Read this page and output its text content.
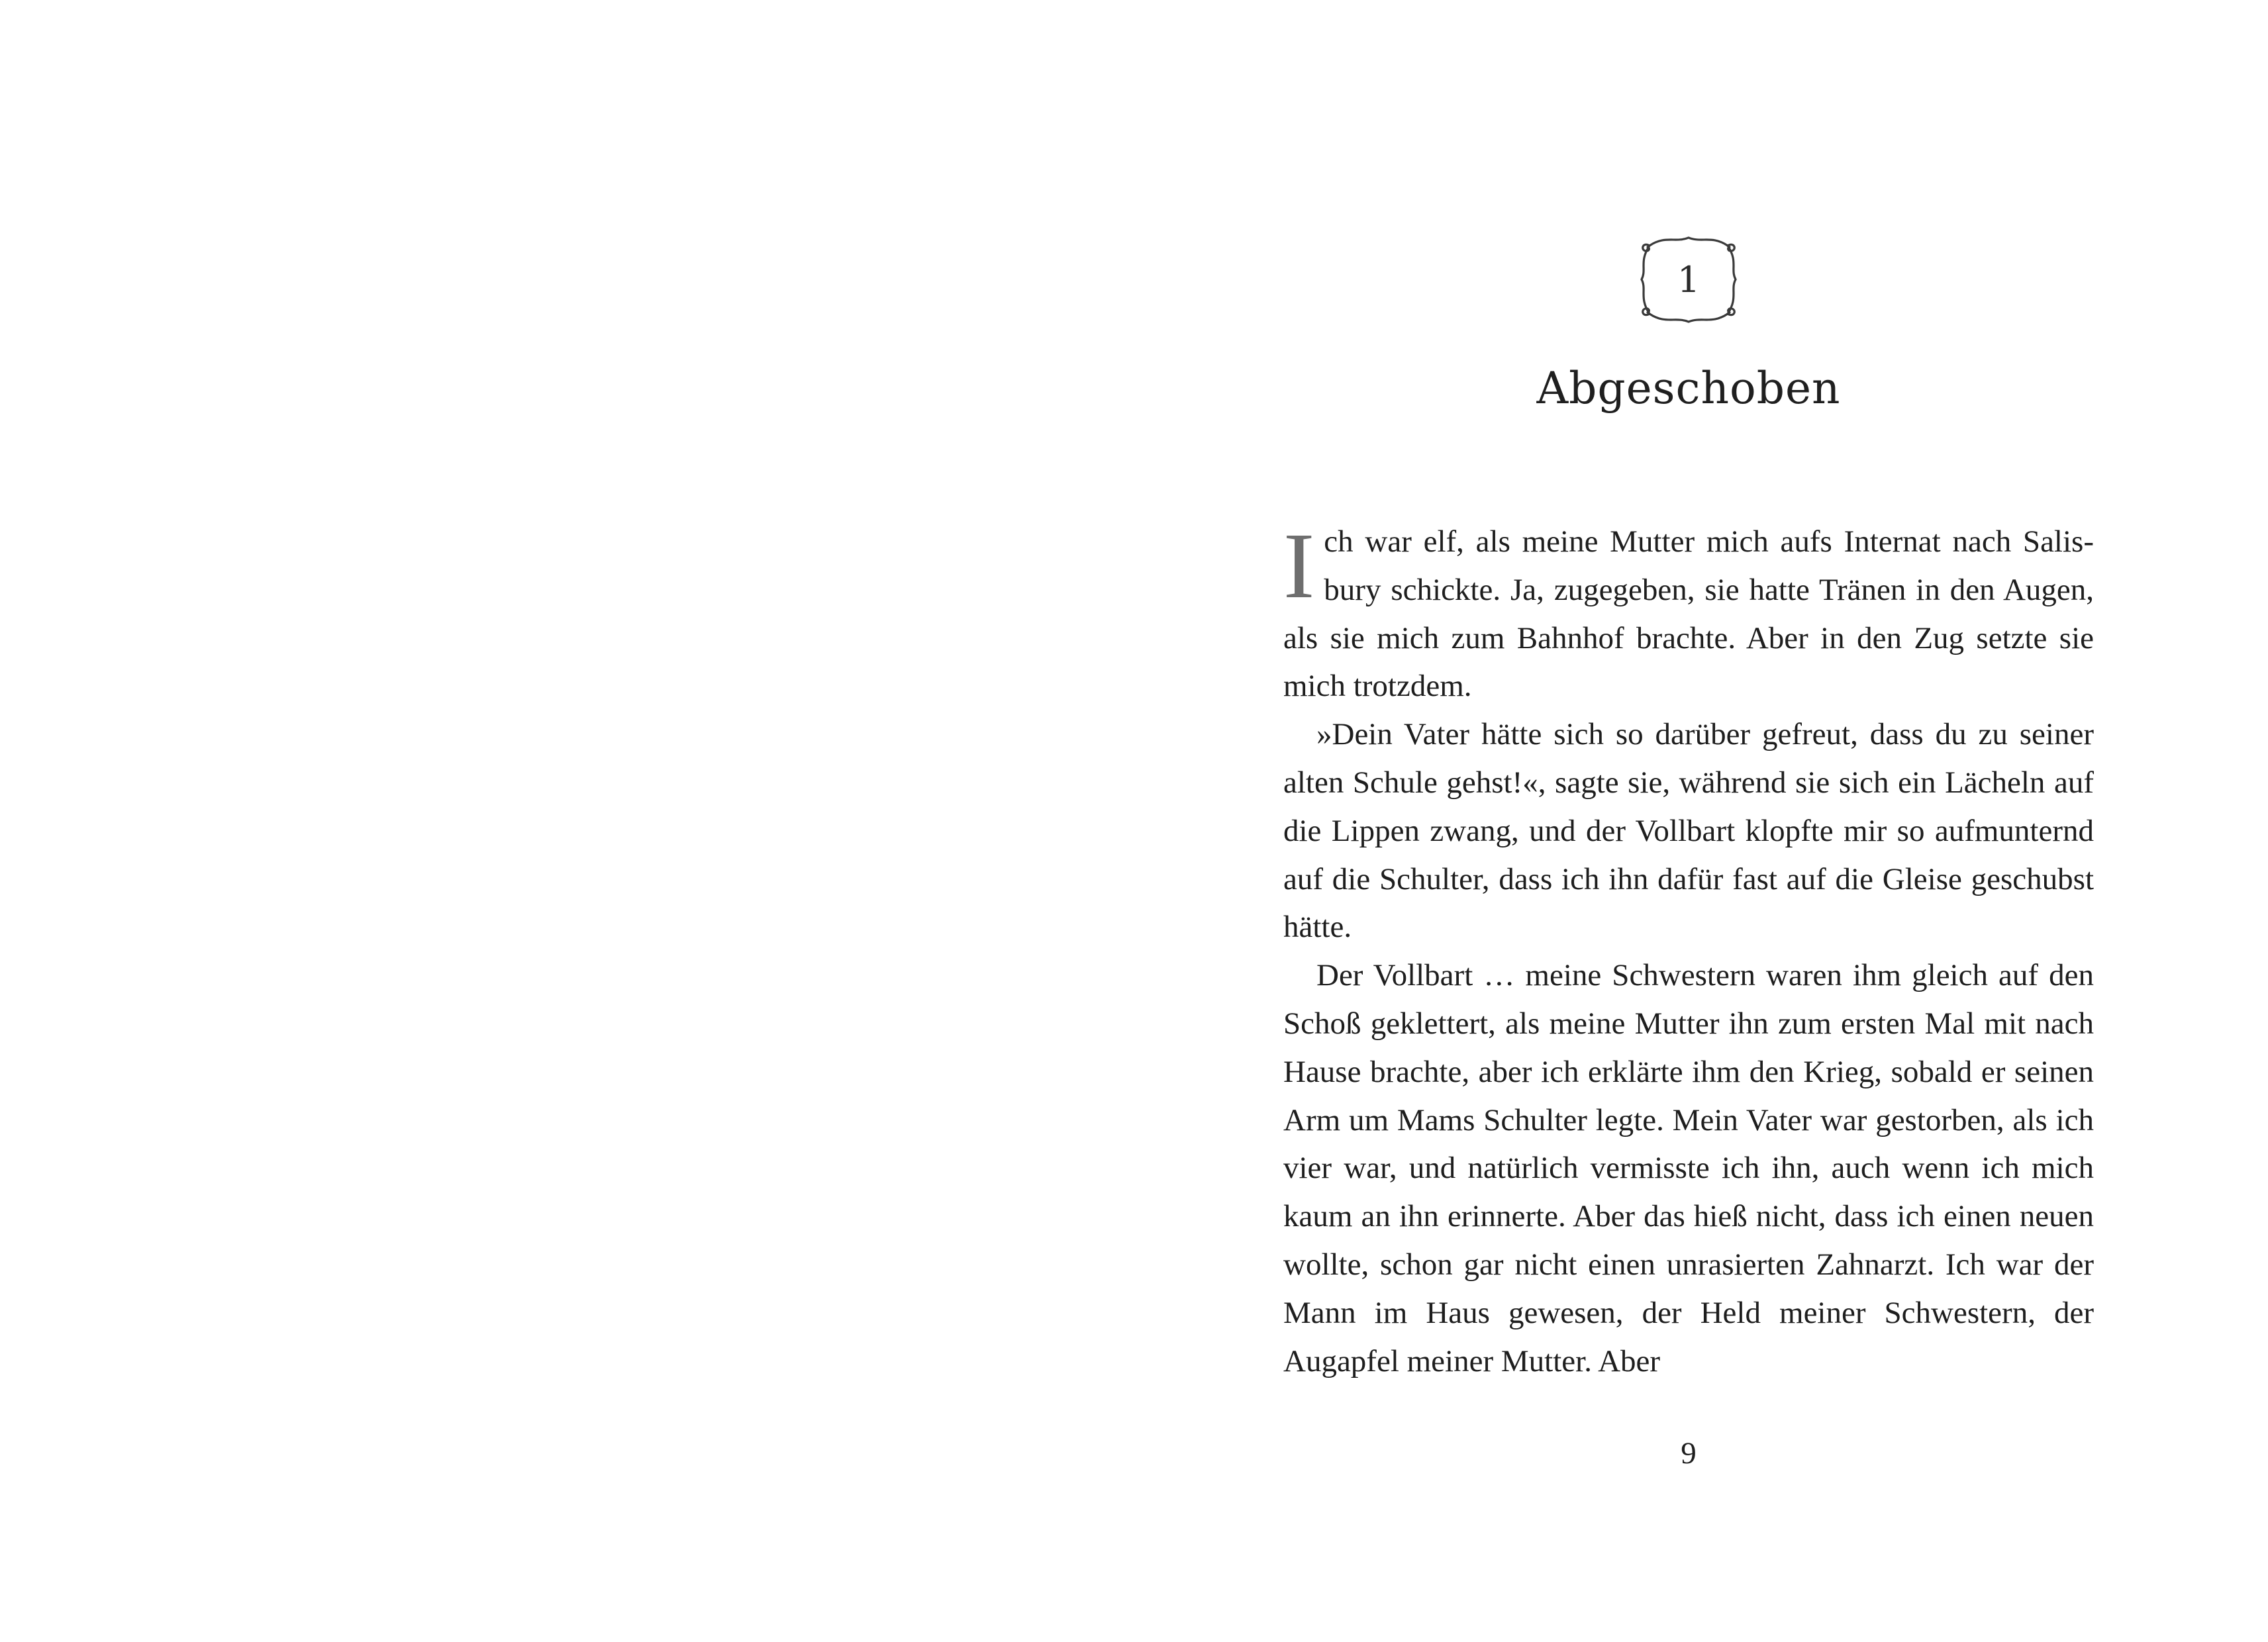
1
Abgeschoben

Ich war elf, als meine Mutter mich aufs Internat nach Salisbury schickte. Ja, zugegeben, sie hatte Tränen in den Augen, als sie mich zum Bahnhof brachte. Aber in den Zug setzte sie mich trotzdem.

»Dein Vater hätte sich so darüber gefreut, dass du zu seiner alten Schule gehst!«, sagte sie, während sie sich ein Lächeln auf die Lippen zwang, und der Vollbart klopfte mir so aufmunternd auf die Schulter, dass ich ihn dafür fast auf die Gleise geschubst hätte.

Der Vollbart … meine Schwestern waren ihm gleich auf den Schoß geklettert, als meine Mutter ihn zum ersten Mal mit nach Hause brachte, aber ich erklärte ihm den Krieg, sobald er seinen Arm um Mams Schulter legte. Mein Vater war gestorben, als ich vier war, und natürlich vermisste ich ihn, auch wenn ich mich kaum an ihn erinnerte. Aber das hieß nicht, dass ich einen neuen wollte, schon gar nicht einen unrasierten Zahnarzt. Ich war der Mann im Haus gewesen, der Held meiner Schwestern, der Augapfel meiner Mutter. Aber

9
